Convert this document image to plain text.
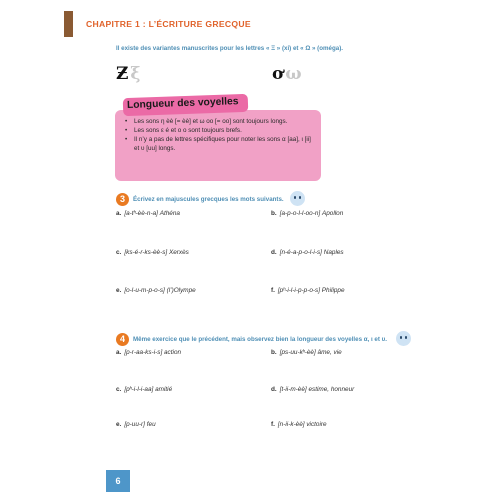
CHAPITRE 1 : L’ÉCRITURE GRECQUE
Il existe des variantes manuscrites pour les lettres « Ξ » (xi) et « Ω » (oméga).
Ƶ ξ	ơ ω
• Les sons η èè [= èè] et ω oo [= oo] sont toujours longs.
• Les sons ε é et ο o sont toujours brefs.
• Il n’y a pas de lettres spécifiques pour noter les sons α [aa], ι [ii] et υ [uu] longs.
Longueur des voyelles
3	Écrivez en majuscules grecques les mots suivants.
a. [a-tʰ-èè-n-a] Athéna	b. [a-p-o-l-l-oo-n] Apollon
c. [ks-é-r-ks-èè-s] Xerxès	d. [n-é-a-p-o-l-i-s] Naples
e. [o-l-u-m-p-o-s] (l’)Olympe	f. [pʰ-i-l-i-p-p-o-s] Philippe
4	Même exercice que le précédent, mais observez bien la longueur des voyelles α, ι et υ.
a. [p-r-aa-ks-i-s] action	b. [ps-uu-kʰ-èè] âme, vie
c. [pʰ-i-l-i-aa] amitié	d. [t-ii-m-èè] estime, honneur
e. [p-uu-r] feu	f. [n-ii-k-èè] victoire
6
